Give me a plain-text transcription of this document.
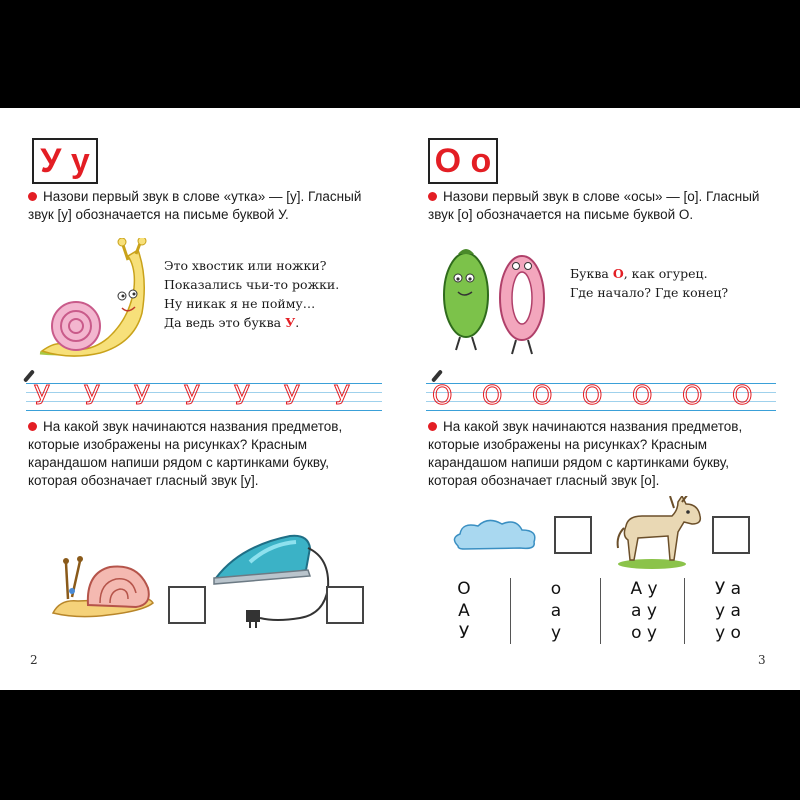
У у
Назови первый звук в слове «утка» — [у]. Гласный звук [у] обозначается на письме буквой У.
Это хвостик или ножки?
Показались чьи-то рожки.
Ну никак я не пойму…
Да ведь это буква У.
У У У У У У У
На какой звук начинаются названия предметов, которые изображены на рисунках? Красным карандашом напиши рядом с картинками букву, которая обозначает гласный звук [у].
2
О о
Назови первый звук в слове «осы» — [о]. Гласный звук [о] обозначается на письме буквой О.
Буква О, как огурец.
Где начало? Где конец?
О О О О О О О
На какой звук начинаются названия предметов, которые изображены на рисунках? Красным карандашом напиши рядом с картинками букву, которая обозначает гласный звук [о].
О
А
У
о
а
у
А у
а у
о у
У а
у а
у о
3
